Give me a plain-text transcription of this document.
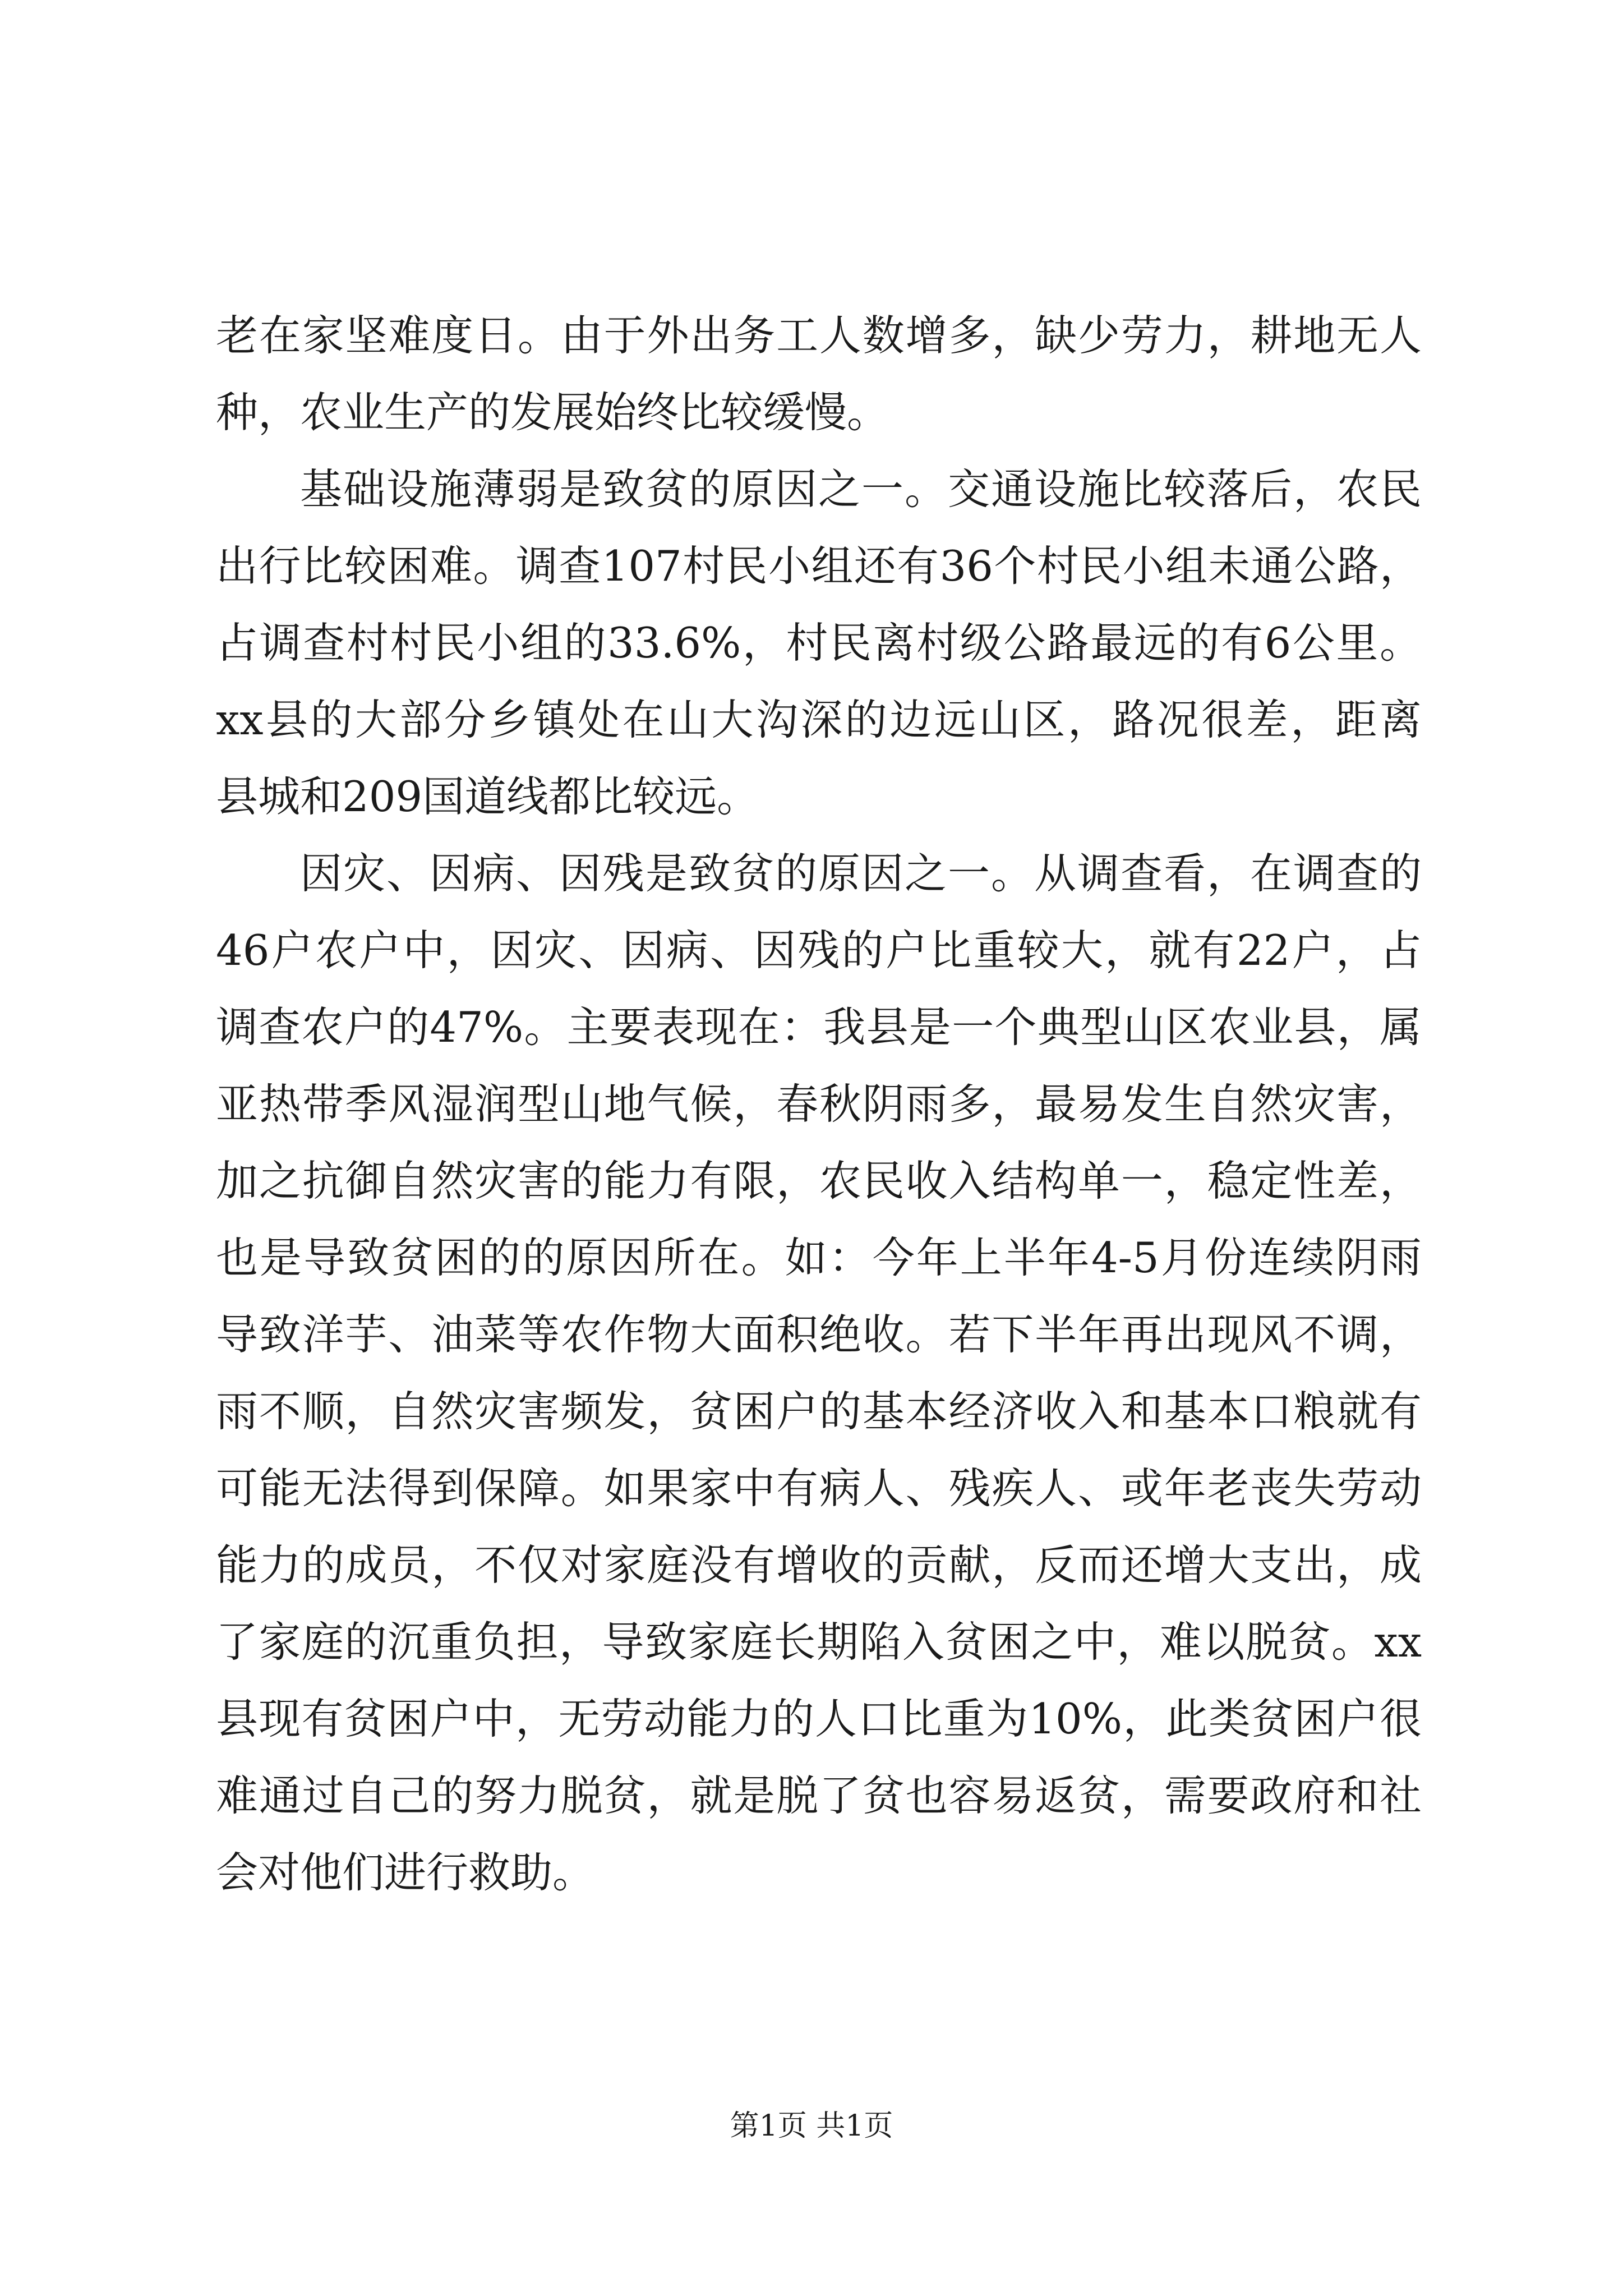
老在家坚难度日。由于外出务工人数增多，缺少劳力，耕地无人
种，农业生产的发展始终比较缓慢。
基础设施薄弱是致贫的原因之一。交通设施比较落后，农民
出行比较困难。调查107村民小组还有36个村民小组未通公路，
占调查村村民小组的33.6%，村民离村级公路最远的有6公里。
xx县的大部分乡镇处在山大沟深的边远山区，路况很差，距离
县城和209国道线都比较远。
因灾、因病、因残是致贫的原因之一。从调查看，在调查的
46户农户中，因灾、因病、因残的户比重较大，就有22户，占
调查农户的47%。主要表现在：我县是一个典型山区农业县，属
亚热带季风湿润型山地气候，春秋阴雨多，最易发生自然灾害，
加之抗御自然灾害的能力有限，农民收入结构单一，稳定性差，
也是导致贫困的的原因所在。如：今年上半年4-5月份连续阴雨
导致洋芋、油菜等农作物大面积绝收。若下半年再出现风不调，
雨不顺，自然灾害频发，贫困户的基本经济收入和基本口粮就有
可能无法得到保障。如果家中有病人、残疾人、或年老丧失劳动
能力的成员，不仅对家庭没有增收的贡献，反而还增大支出，成
了家庭的沉重负担，导致家庭长期陷入贫困之中，难以脱贫。xx
县现有贫困户中，无劳动能力的人口比重为10%，此类贫困户很
难通过自己的努力脱贫，就是脱了贫也容易返贫，需要政府和社
会对他们进行救助。
第1页 共1页
